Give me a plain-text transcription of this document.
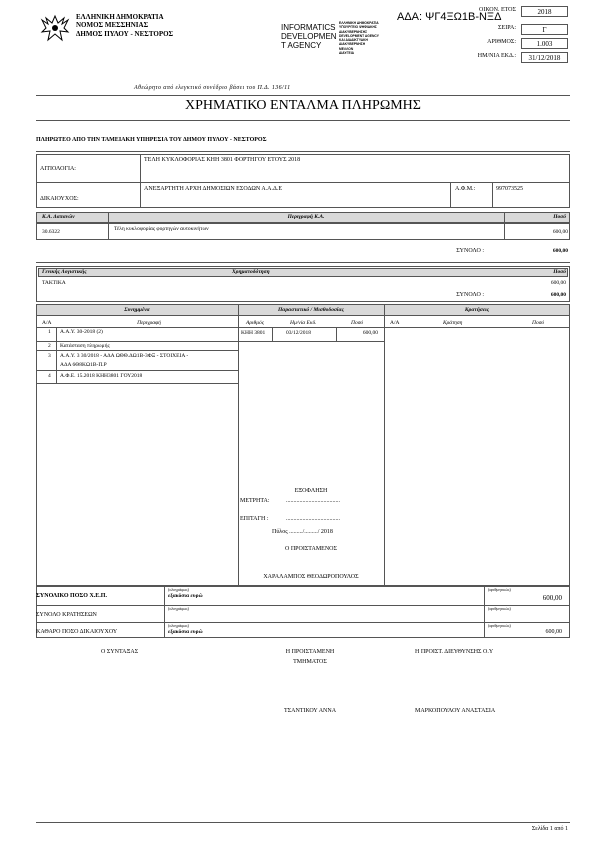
ΕΛΛΗΝΙΚΗ ΔΗΜΟΚΡΑΤΙΑ
ΝΟΜΟΣ ΜΕΣΣΗΝΙΑΣ
ΔΗΜΟΣ ΠΥΛΟΥ - ΝΕΣΤΟΡΟΣ
INFORMATICS
DEVELOPMEN
T AGENCY
ΕΛΛΗΝΙΚΗ ΔΗΜΟΚΡΑΤΙΑ
ΥΠΟΥΡΓΕΙΟ ΨΗΦΙΑΚΗΣ
ΔΙΑΚΥΒΕΡΝΗΣΗΣ
DEVELOPMENT AGENCY
ΚΑΙ ΔΙΑΔΙΚΤΥΑΚΗ
ΔΙΑΚΥΒΕΡΝΗΣΗ
ΜΕΛΛΟΝ
ΔΙΑΥΓΕΙΑ
ΑΔΑ: ΨΓ4ΞΩ1Β-ΝΞΔ
ΟΙΚΟΝ. ΕΤΟΣ	2018
ΣΕΙΡΑ:	Γ
ΑΡΙΘΜΟΣ:	1.003
ΗΜ/ΝΙΑ ΕΚΔ.:	31/12/2018
Αθεώρητο από ελεγκτικό συνέδριο βάσει του Π.Δ. 136/11
ΧΡΗΜΑΤΙΚΟ ΕΝΤΑΛΜΑ ΠΛΗΡΩΜΗΣ
ΠΛΗΡΩΤΕΟ ΑΠΟ ΤΗΝ ΤΑΜΕΙΑΚΗ ΥΠΗΡΕΣΙΑ ΤΟΥ ΔΗΜΟΥ ΠΥΛΟΥ - ΝΕΣΤΟΡΟΣ
ΑΙΤΙΟΛΟΓΙΑ:
ΤΕΛΗ ΚΥΚΛΟΦΟΡΙΑΣ ΚΗΗ 3801 ΦΟΡΤΗΓΟΥ ΕΤΟΥΣ 2018
ΔΙΚΑΙΟΥΧΟΣ:
ΑΝΕΞΑΡΤΗΤΗ ΑΡΧΗ ΔΗΜΟΣΙΩΝ ΕΣΟΔΩΝ Α.Α.Δ.Ε	Α.Φ.Μ.:	997073525
Κ.Α. Δαπανών	Περιγραφή Κ.Α.	Ποσό
30.6322	Τέλη κυκλοφορίας φορτηγών αυτοκινήτων	600,00
ΣΥΝΟΛΟ :	600,00
Γενικής Λογιστικής	Χρηματοδότηση	Ποσό
ΤΑΚΤΙΚΑ	600,00
ΣΥΝΟΛΟ :	600,00
Συνημμένα	Παραστατικό / Μισθοδοσίας	Κρατήσεις
Α/Α	Περιγραφή	Αριθμός	Ημ/νία Εκδ.	Ποσό	Α/Α	Κράτηση	Ποσό
1 Α.Α.Υ. 30-2018 (2)
2 Κατάσταση πληρωμής
3 Α.Α.Υ. 3 30/2018 - ΑΔΑ ΩΘΘ.ΔΩ1Β-3ΦΞ - ΣΤΟΙΧΕΙΑ -
ΑΔΑ 6Θ8ΚΩ1Β-Π.Ρ
4 Α.Φ.Ε. 15.2018 ΚΗΗ3801 ΓΟΥ2018
ΚΗΗ 3801	03/12/2018	600,00
ΕΞΟΦΛΗΣΗ
ΜΕΤΡΗΤΑ:	....................................
ΕΠΙΤΑΓΗ :	....................................
Πύλος ........./........./ 2018
Ο ΠΡΟΙΣΤΑΜΕΝΟΣ
ΧΑΡΑΛΑΜΠΟΣ ΘΕΟΔΩΡΟΠΟΥΛΟΣ
ΣΥΝΟΛΙΚΟ ΠΟΣΟ Χ.Ε.Π.
(ολογράφως)
εξακόσια ευρώ
(αριθμητικώς)
600,00
ΣΥΝΟΛΟ ΚΡΑΤΗΣΕΩΝ
(ολογράφως)	(αριθμητικώς)
ΚΑΘΑΡΟ ΠΟΣΟ ΔΙΚΑΙΟΥΧΟΥ
(ολογράφως)
εξακόσια ευρώ
(αριθμητικώς)
600,00
Ο ΣΥΝΤΑΞΑΣ	Η ΠΡΟΙΣΤΑΜΕΝΗ
ΤΜΗΜΑΤΟΣ
Η ΠΡΟΙΣΤ. ΔΙΕΥΘΥΝΣΗΣ Ο.Υ
ΤΣΑΝΤΙΚΟΥ ΑΝΝΑ	ΜΑΡΚΟΠΟΥΛΟΥ ΑΝΑΣΤΑΣΙΑ
Σελίδα 1 από 1
